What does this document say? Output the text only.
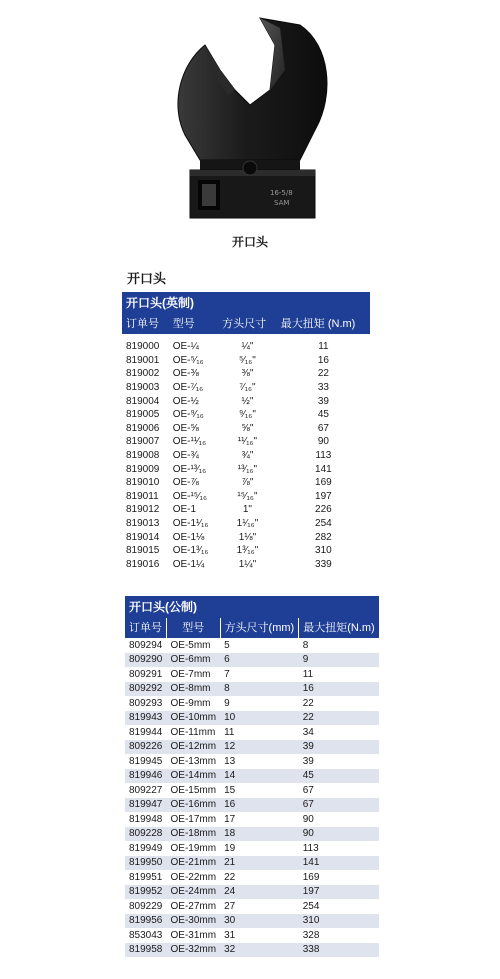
16-5/8
SAM
开口头
开口头
开口头(英制)			
订单号	型号	方头尺寸	最大扭矩 (N.m)

819000	OE-¼	¼"	11
819001	OE-⁵⁄₁₆	⁵⁄₁₆"	16
819002	OE-⅜	⅜"	22
819003	OE-⁷⁄₁₆	⁷⁄₁₆"	33
819004	OE-½	½"	39
819005	OE-⁹⁄₁₆	⁹⁄₁₆"	45
819006	OE-⅝	⅝"	67
819007	OE-¹¹⁄₁₆	¹¹⁄₁₆"	90
819008	OE-¾	¾"	113
819009	OE-¹³⁄₁₆	¹³⁄₁₆"	141
819010	OE-⅞	⅞"	169
819011	OE-¹⁵⁄₁₆	¹⁵⁄₁₆"	197
819012	OE-1	1"	226
819013	OE-1¹⁄₁₆	1¹⁄₁₆"	254
819014	OE-1⅛	1⅛"	282
819015	OE-1³⁄₁₆	1³⁄₁₆"	310
819016	OE-1¼	1¼"	339
开口头(公制)			
订单号	型号	方头尺寸(mm)	最大扭矩(N.m)
809294	OE-5mm	5	8
809290	OE-6mm	6	9
809291	OE-7mm	7	11
809292	OE-8mm	8	16
809293	OE-9mm	9	22
819943	OE-10mm	10	22
819944	OE-11mm	11	34
809226	OE-12mm	12	39
819945	OE-13mm	13	39
819946	OE-14mm	14	45
809227	OE-15mm	15	67
819947	OE-16mm	16	67
819948	OE-17mm	17	90
809228	OE-18mm	18	90
819949	OE-19mm	19	113
819950	OE-21mm	21	141
819951	OE-22mm	22	169
819952	OE-24mm	24	197
809229	OE-27mm	27	254
819956	OE-30mm	30	310
853043	OE-31mm	31	328
819958	OE-32mm	32	338
